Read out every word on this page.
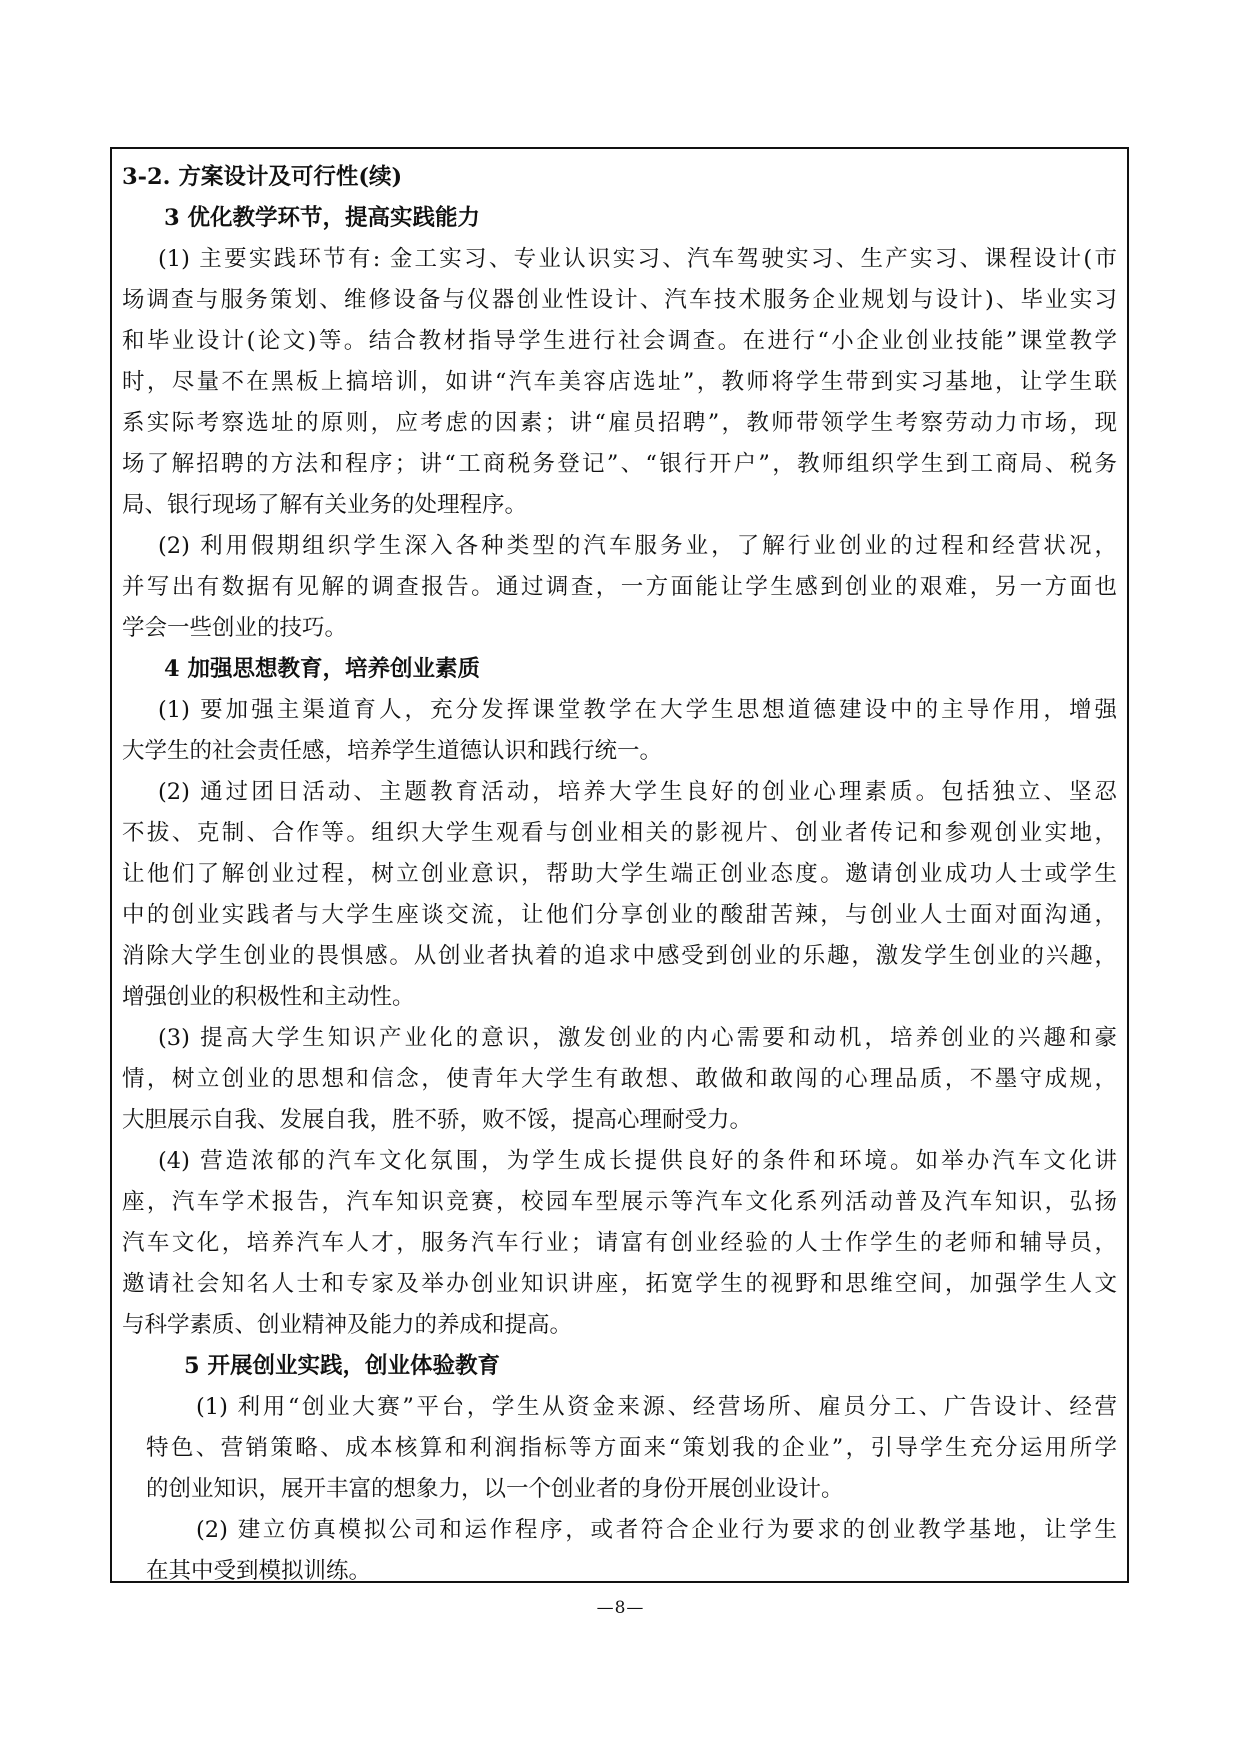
3-2. 方案设计及可行性(续)
3 优化教学环节，提高实践能力
(1) 主要实践环节有: 金工实习、专业认识实习、汽车驾驶实习、生产实习、课程设计(市
场调查与服务策划、维修设备与仪器创业性设计、汽车技术服务企业规划与设计)、毕业实习
和毕业设计(论文)等。结合教材指导学生进行社会调查。在进行“小企业创业技能”课堂教学
时，尽量不在黑板上搞培训，如讲“汽车美容店选址”，教师将学生带到实习基地，让学生联
系实际考察选址的原则，应考虑的因素；讲“雇员招聘”，教师带领学生考察劳动力市场，现
场了解招聘的方法和程序；讲“工商税务登记”、“银行开户”，教师组织学生到工商局、税务
局、银行现场了解有关业务的处理程序。
(2) 利用假期组织学生深入各种类型的汽车服务业，了解行业创业的过程和经营状况，
并写出有数据有见解的调查报告。通过调查，一方面能让学生感到创业的艰难，另一方面也
学会一些创业的技巧。
4 加强思想教育，培养创业素质
(1) 要加强主渠道育人，充分发挥课堂教学在大学生思想道德建设中的主导作用，增强
大学生的社会责任感，培养学生道德认识和践行统一。
(2) 通过团日活动、主题教育活动，培养大学生良好的创业心理素质。包括独立、坚忍
不拔、克制、合作等。组织大学生观看与创业相关的影视片、创业者传记和参观创业实地，
让他们了解创业过程，树立创业意识，帮助大学生端正创业态度。邀请创业成功人士或学生
中的创业实践者与大学生座谈交流，让他们分享创业的酸甜苦辣，与创业人士面对面沟通，
消除大学生创业的畏惧感。从创业者执着的追求中感受到创业的乐趣，激发学生创业的兴趣，
增强创业的积极性和主动性。
(3) 提高大学生知识产业化的意识，激发创业的内心需要和动机，培养创业的兴趣和豪
情，树立创业的思想和信念，使青年大学生有敢想、敢做和敢闯的心理品质，不墨守成规，
大胆展示自我、发展自我，胜不骄，败不馁，提高心理耐受力。
(4) 营造浓郁的汽车文化氛围，为学生成长提供良好的条件和环境。如举办汽车文化讲
座，汽车学术报告，汽车知识竞赛，校园车型展示等汽车文化系列活动普及汽车知识，弘扬
汽车文化，培养汽车人才，服务汽车行业；请富有创业经验的人士作学生的老师和辅导员，
邀请社会知名人士和专家及举办创业知识讲座，拓宽学生的视野和思维空间，加强学生人文
与科学素质、创业精神及能力的养成和提高。
5 开展创业实践，创业体验教育
(1) 利用“创业大赛”平台，学生从资金来源、经营场所、雇员分工、广告设计、经营
特色、营销策略、成本核算和利润指标等方面来“策划我的企业”，引导学生充分运用所学
的创业知识，展开丰富的想象力，以一个创业者的身份开展创业设计。
(2) 建立仿真模拟公司和运作程序，或者符合企业行为要求的创业教学基地，让学生
在其中受到模拟训练。
—8—
